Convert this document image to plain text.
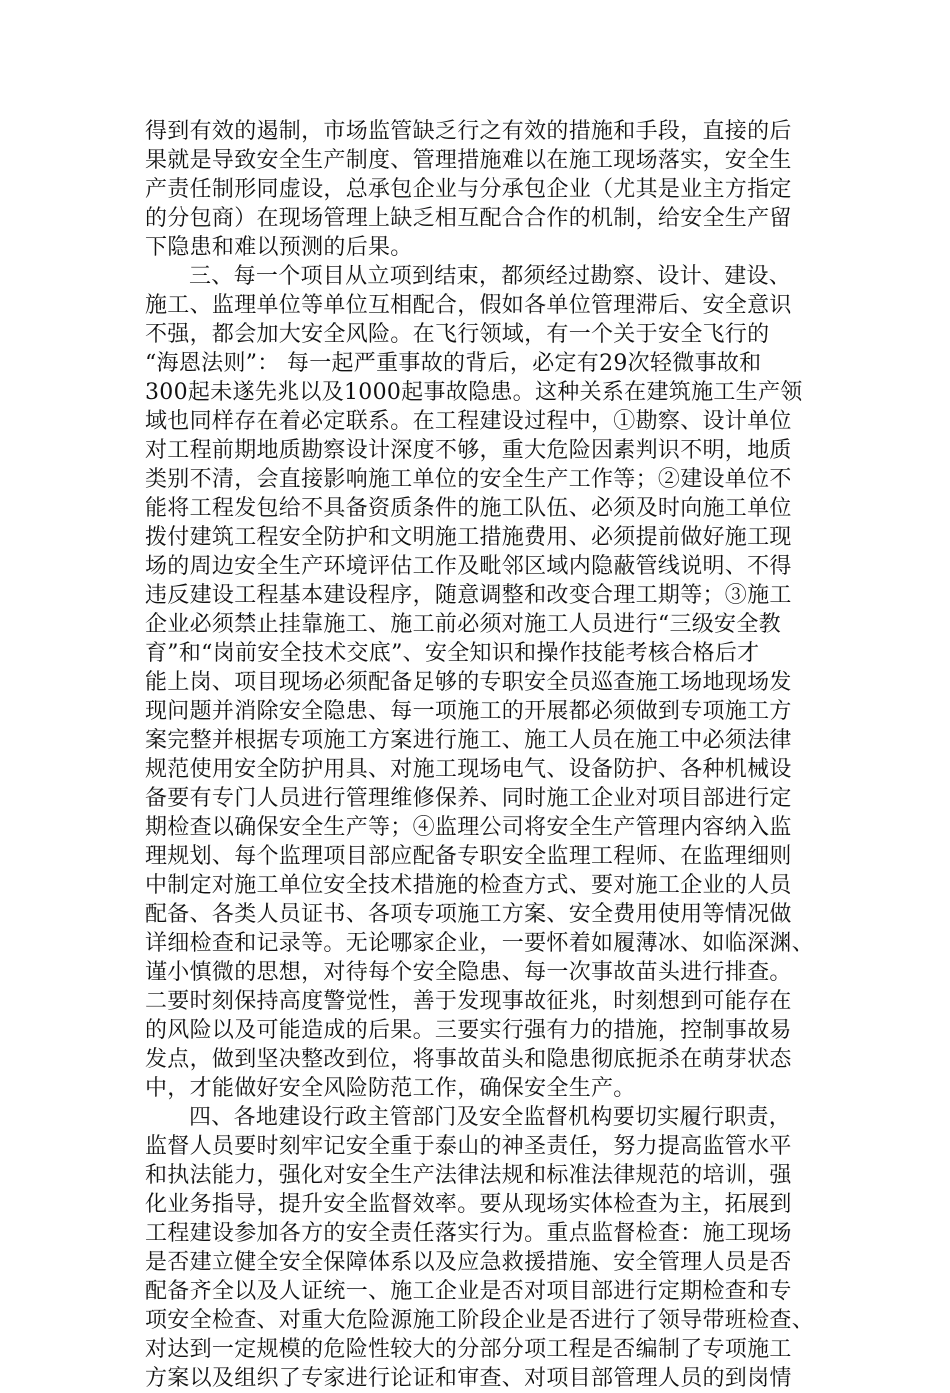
得到有效的遏制，市场监管缺乏行之有效的措施和手段，直接的后
果就是导致安全生产制度、管理措施难以在施工现场落实，安全生
产责任制形同虚设，总承包企业与分承包企业（尤其是业主方指定
的分包商）在现场管理上缺乏相互配合合作的机制，给安全生产留
下隐患和难以预测的后果。
三、每一个项目从立项到结束，都须经过勘察、设计、建设、
施工、监理单位等单位互相配合，假如各单位管理滞后、安全意识
不强，都会加大安全风险。在飞行领域，有一个关于安全飞行的
“海恩法则”： 每一起严重事故的背后，必定有29次轻微事故和
300起未遂先兆以及1000起事故隐患。这种关系在建筑施工生产领
域也同样存在着必定联系。在工程建设过程中，①勘察、设计单位
对工程前期地质勘察设计深度不够，重大危险因素判识不明，地质
类别不清，会直接影响施工单位的安全生产工作等；②建设单位不
能将工程发包给不具备资质条件的施工队伍、必须及时向施工单位
拨付建筑工程安全防护和文明施工措施费用、必须提前做好施工现
场的周边安全生产环境评估工作及毗邻区域内隐蔽管线说明、不得
违反建设工程基本建设程序，随意调整和改变合理工期等；③施工
企业必须禁止挂靠施工、施工前必须对施工人员进行“三级安全教
育”和“岗前安全技术交底”、安全知识和操作技能考核合格后才
能上岗、项目现场必须配备足够的专职安全员巡查施工场地现场发
现问题并消除安全隐患、每一项施工的开展都必须做到专项施工方
案完整并根据专项施工方案进行施工、施工人员在施工中必须法律
规范使用安全防护用具、对施工现场电气、设备防护、各种机械设
备要有专门人员进行管理维修保养、同时施工企业对项目部进行定
期检查以确保安全生产等；④监理公司将安全生产管理内容纳入监
理规划、每个监理项目部应配备专职安全监理工程师、在监理细则
中制定对施工单位安全技术措施的检查方式、要对施工企业的人员
配备、各类人员证书、各项专项施工方案、安全费用使用等情况做
详细检查和记录等。无论哪家企业，一要怀着如履薄冰、如临深渊、
谨小慎微的思想，对待每个安全隐患、每一次事故苗头进行排查。
二要时刻保持高度警觉性，善于发现事故征兆，时刻想到可能存在
的风险以及可能造成的后果。三要实行强有力的措施，控制事故易
发点，做到坚决整改到位，将事故苗头和隐患彻底扼杀在萌芽状态
中，才能做好安全风险防范工作，确保安全生产。
四、各地建设行政主管部门及安全监督机构要切实履行职责，
监督人员要时刻牢记安全重于泰山的神圣责任，努力提高监管水平
和执法能力，强化对安全生产法律法规和标准法律规范的培训，强
化业务指导，提升安全监督效率。要从现场实体检查为主，拓展到
工程建设参加各方的安全责任落实行为。重点监督检查：施工现场
是否建立健全安全保障体系以及应急救援措施、安全管理人员是否
配备齐全以及人证统一、施工企业是否对项目部进行定期检查和专
项安全检查、对重大危险源施工阶段企业是否进行了领导带班检查、
对达到一定规模的危险性较大的分部分项工程是否编制了专项施工
方案以及组织了专家进行论证和审查、对项目部管理人员的到岗情
